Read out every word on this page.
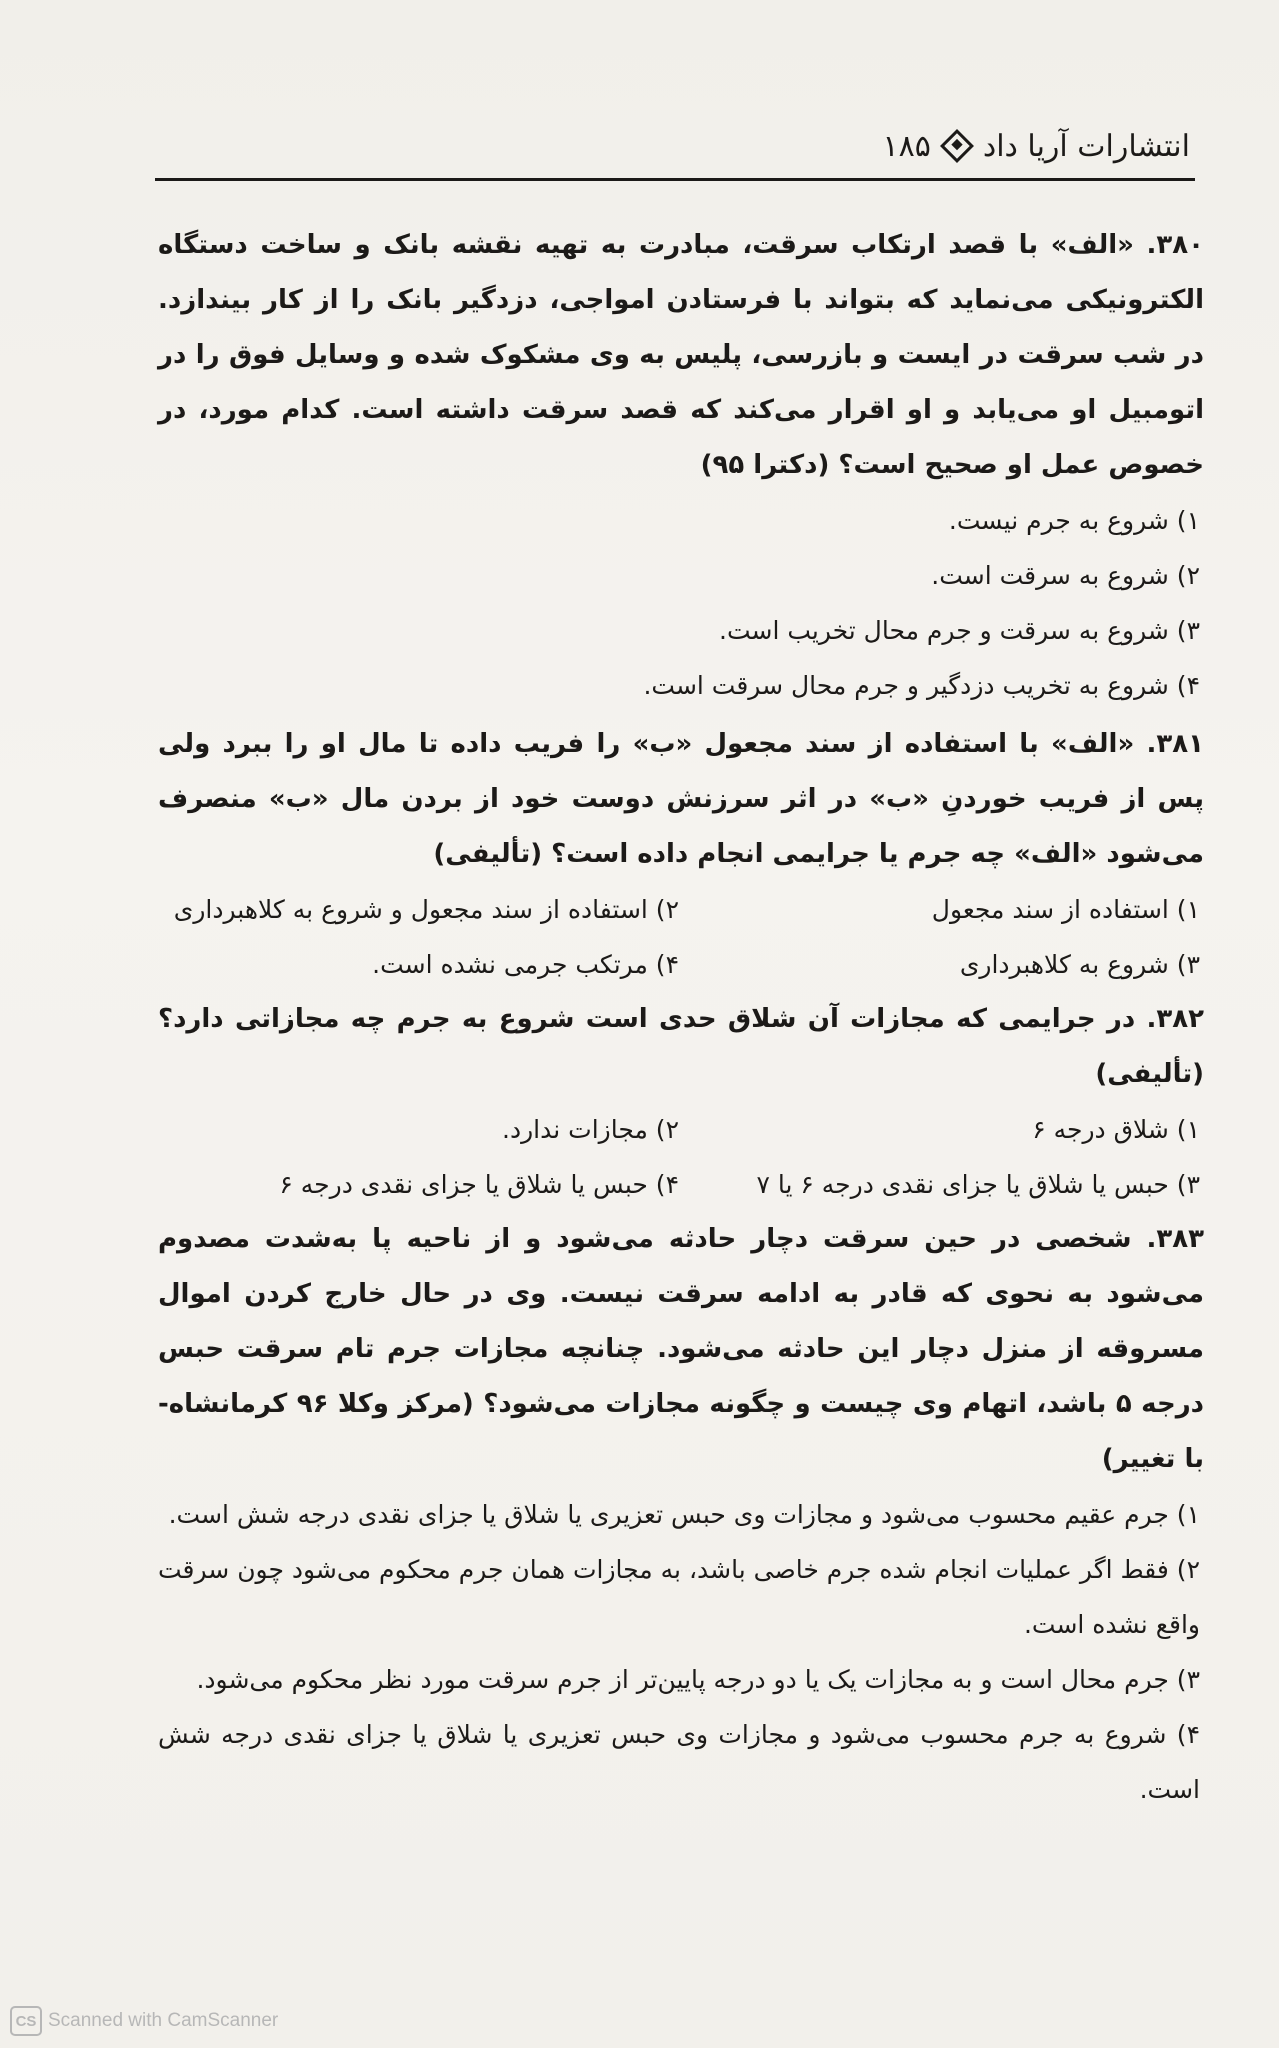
انتشارات آریا داد
۱۸۵
۳۸۰. «الف» با قصد ارتکاب سرقت، مبادرت به تهیه نقشه بانک و ساخت دستگاه الکترونیکی می‌نماید که بتواند با فرستادن امواجی، دزدگیر بانک را از کار بیندازد. در شب سرقت در ایست و بازرسی، پلیس به وی مشکوک شده و وسایل فوق را در اتومبیل او می‌یابد و او اقرار می‌کند که قصد سرقت داشته است. کدام مورد، در خصوص عمل او صحیح است؟ (دکترا ۹۵)
۱) شروع به جرم نیست.
۲) شروع به سرقت است.
۳) شروع به سرقت و جرم محال تخریب است.
۴) شروع به تخریب دزدگیر و جرم محال سرقت است.
۳۸۱. «الف» با استفاده از سند مجعول «ب» را فریب داده تا مال او را ببرد ولی پس از فریب خوردنِ «ب» در اثر سرزنش دوست خود از بردن مال «ب» منصرف می‌شود «الف» چه جرم یا جرایمی انجام داده است؟ (تألیفی)
۱) استفاده از سند مجعول
۲) استفاده از سند مجعول و شروع به کلاهبرداری
۳) شروع به کلاهبرداری
۴) مرتکب جرمی نشده است.
۳۸۲. در جرایمی که مجازات آن شلاق حدی است شروع به جرم چه مجازاتی دارد؟ (تألیفی)
۱) شلاق درجه ۶
۲) مجازات ندارد.
۳) حبس یا شلاق یا جزای نقدی درجه ۶ یا ۷
۴) حبس یا شلاق یا جزای نقدی درجه ۶
۳۸۳. شخصی در حین سرقت دچار حادثه می‌شود و از ناحیه پا به‌شدت مصدوم می‌شود به نحوی که قادر به ادامه سرقت نیست. وی در حال خارج کردن اموال مسروقه از منزل دچار این حادثه می‌شود. چنانچه مجازات جرم تام سرقت حبس درجه ۵ باشد، اتهام وی چیست و چگونه مجازات می‌شود؟ (مرکز وکلا ۹۶ کرمانشاه- با تغییر)
۱) جرم عقیم محسوب می‌شود و مجازات وی حبس تعزیری یا شلاق یا جزای نقدی درجه شش است.
۲) فقط اگر عملیات انجام شده جرم خاصی باشد، به مجازات همان جرم محکوم می‌شود چون سرقت واقع نشده است.
۳) جرم محال است و به مجازات یک یا دو درجه پایین‌تر از جرم سرقت مورد نظر محکوم می‌شود.
۴) شروع به جرم محسوب می‌شود و مجازات وی حبس تعزیری یا شلاق یا جزای نقدی درجه شش است.
CS Scanned with CamScanner
